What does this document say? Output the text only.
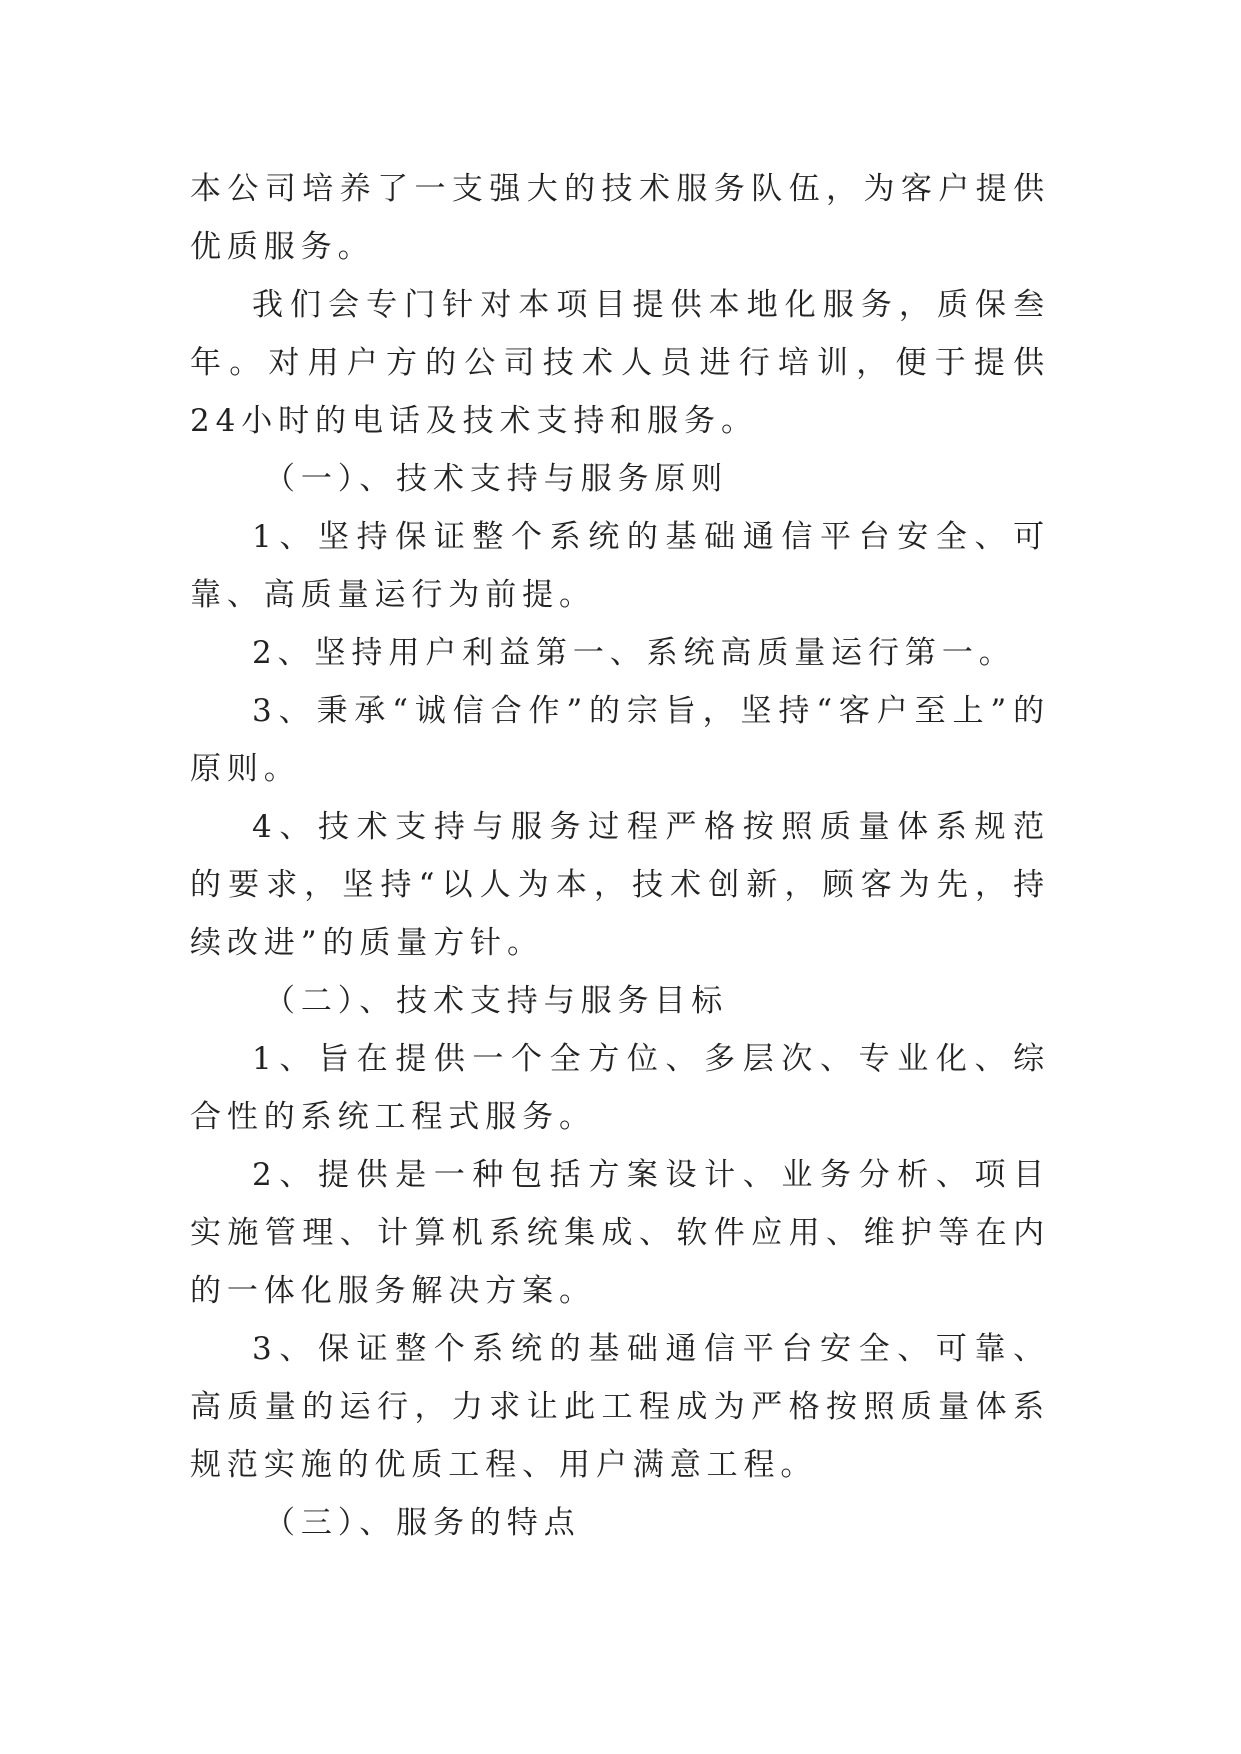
本公司培养了一支强大的技术服务队伍，为客户提供优质服务。

我们会专门针对本项目提供本地化服务，质保叁年。对用户方的公司技术人员进行培训，便于提供24小时的电话及技术支持和服务。

（一）、技术支持与服务原则

1、坚持保证整个系统的基础通信平台安全、可靠、高质量运行为前提。

2、坚持用户利益第一、系统高质量运行第一。

3、秉承“诚信合作”的宗旨，坚持“客户至上”的原则。

4、技术支持与服务过程严格按照质量体系规范的要求，坚持“以人为本，技术创新，顾客为先，持续改进”的质量方针。

（二）、技术支持与服务目标

1、旨在提供一个全方位、多层次、专业化、综合性的系统工程式服务。

2、提供是一种包括方案设计、业务分析、项目实施管理、计算机系统集成、软件应用、维护等在内的一体化服务解决方案。

3、保证整个系统的基础通信平台安全、可靠、高质量的运行，力求让此工程成为严格按照质量体系规范实施的优质工程、用户满意工程。

（三）、服务的特点
